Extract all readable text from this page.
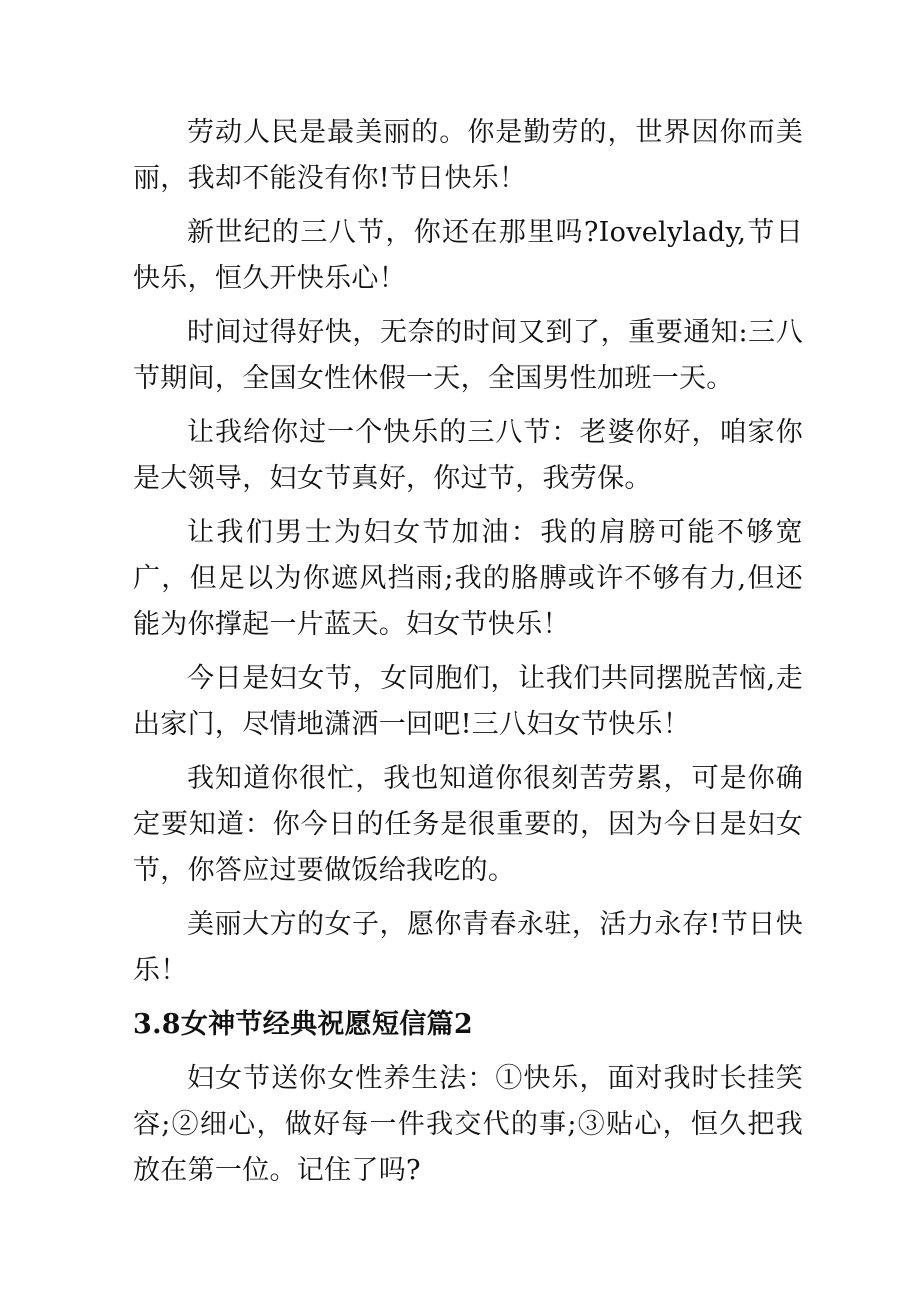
劳动人民是最美丽的。你是勤劳的，世界因你而美丽，我却不能没有你!节日快乐！

新世纪的三八节，你还在那里吗?Iovelylady,节日快乐，恒久开快乐心！

时间过得好快，无奈的时间又到了，重要通知:三八节期间，全国女性休假一天，全国男性加班一天。

让我给你过一个快乐的三八节：老婆你好，咱家你是大领导，妇女节真好，你过节，我劳保。

让我们男士为妇女节加油：我的肩膀可能不够宽广，但足以为你遮风挡雨;我的胳膊或许不够有力,但还能为你撑起一片蓝天。妇女节快乐！

今日是妇女节，女同胞们，让我们共同摆脱苦恼,走出家门，尽情地潇洒一回吧!三八妇女节快乐！

我知道你很忙，我也知道你很刻苦劳累，可是你确定要知道：你今日的任务是很重要的，因为今日是妇女节，你答应过要做饭给我吃的。

美丽大方的女子，愿你青春永驻，活力永存!节日快乐！

3.8女神节经典祝愿短信篇2

妇女节送你女性养生法：①快乐，面对我时长挂笑容;②细心，做好每一件我交代的事;③贴心，恒久把我放在第一位。记住了吗?
